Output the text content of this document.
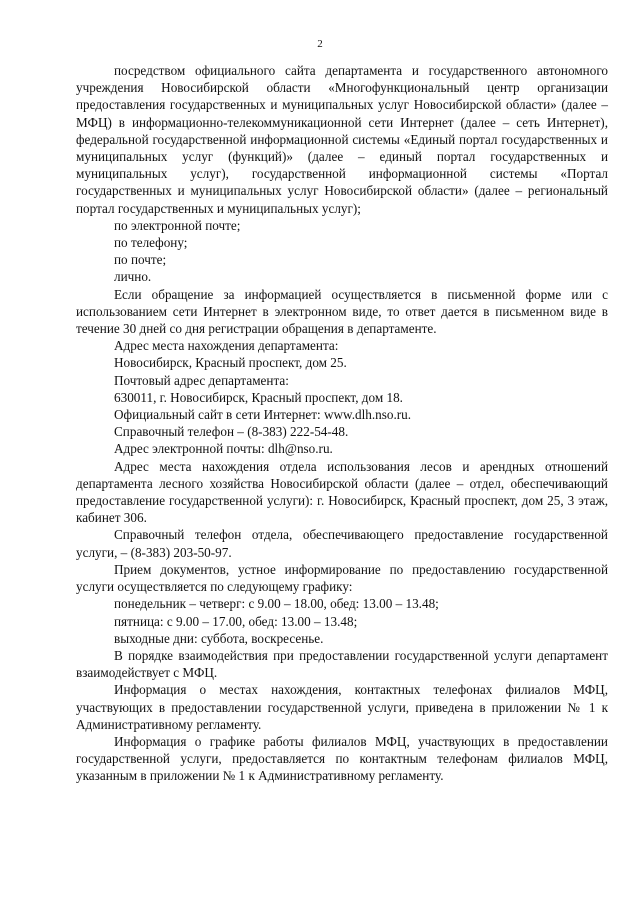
2

посредством официального сайта департамента и государственного автономного учреждения Новосибирской области «Многофункциональный центр организации предоставления государственных и муниципальных услуг Новосибирской области» (далее – МФЦ) в информационно-телекоммуникационной сети Интернет (далее – сеть Интернет), федеральной государственной информационной системы «Единый портал государственных и муниципальных услуг (функций)» (далее – единый портал государственных и муниципальных услуг), государственной информационной системы «Портал государственных и муниципальных услуг Новосибирской области» (далее – региональный портал государственных и муниципальных услуг);

по электронной почте;

по телефону;

по почте;

лично.

Если обращение за информацией осуществляется в письменной форме или с использованием сети Интернет в электронном виде, то ответ дается в письменном виде в течение 30 дней со дня регистрации обращения в департаменте.

Адрес места нахождения департамента:

Новосибирск, Красный проспект, дом 25.

Почтовый адрес департамента:

630011, г. Новосибирск, Красный проспект, дом 18.

Официальный сайт в сети Интернет: www.dlh.nso.ru.

Справочный телефон – (8-383) 222-54-48.

Адрес электронной почты: dlh@nso.ru.

Адрес места нахождения отдела использования лесов и арендных отношений департамента лесного хозяйства Новосибирской области (далее – отдел, обеспечивающий предоставление государственной услуги): г. Новосибирск, Красный проспект, дом 25, 3 этаж, кабинет 306.

Справочный телефон отдела, обеспечивающего предоставление государственной услуги, – (8-383) 203-50-97.

Прием документов, устное информирование по предоставлению государственной услуги осуществляется по следующему графику:

понедельник – четверг: с 9.00 – 18.00, обед: 13.00 – 13.48;

пятница: с 9.00 – 17.00, обед: 13.00 – 13.48;

выходные дни: суббота, воскресенье.

В порядке взаимодействия при предоставлении государственной услуги департамент взаимодействует с МФЦ.

Информация о местах нахождения, контактных телефонах филиалов МФЦ, участвующих в предоставлении государственной услуги, приведена в приложении № 1 к Административному регламенту.

Информация о графике работы филиалов МФЦ, участвующих в предоставлении государственной услуги, предоставляется по контактным телефонам филиалов МФЦ, указанным в приложении № 1 к Административному регламенту.
